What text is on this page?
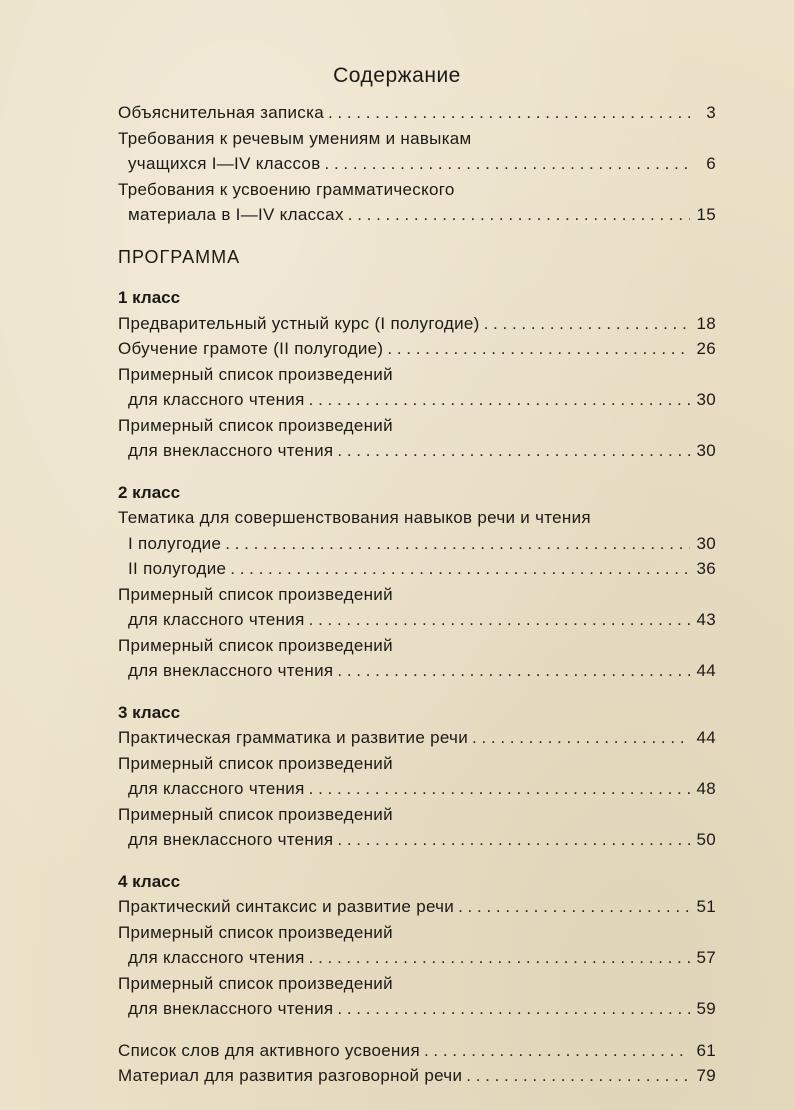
Содержание
Объяснительная записка . . .	3
Требования к речевым умениям и навыкам
учащихся I—IV классов . . .	6
Требования к усвоению грамматического
материала в I—IV классах . . .	15
ПРОГРАММА
1 класс
Предварительный устный курс (I полугодие) . . .	18
Обучение грамоте (II полугодие) . . .	26
Примерный список произведений
для классного чтения . . .	30
Примерный список произведений
для внеклассного чтения . . .	30
2 класс
Тематика для совершенствования навыков речи и чтения
I полугодие . . .	30
II полугодие . . .	36
Примерный список произведений
для классного чтения . . .	43
Примерный список произведений
для внеклассного чтения . . .	44
3 класс
Практическая грамматика и развитие речи . . .	44
Примерный список произведений
для классного чтения . . .	48
Примерный список произведений
для внеклассного чтения . . .	50
4 класс
Практический синтаксис и развитие речи . . .	51
Примерный список произведений
для классного чтения . . .	57
Примерный список произведений
для внеклассного чтения . . .	59
Список слов для активного усвоения . . .	61
Материал для развития разговорной речи . . .	79
